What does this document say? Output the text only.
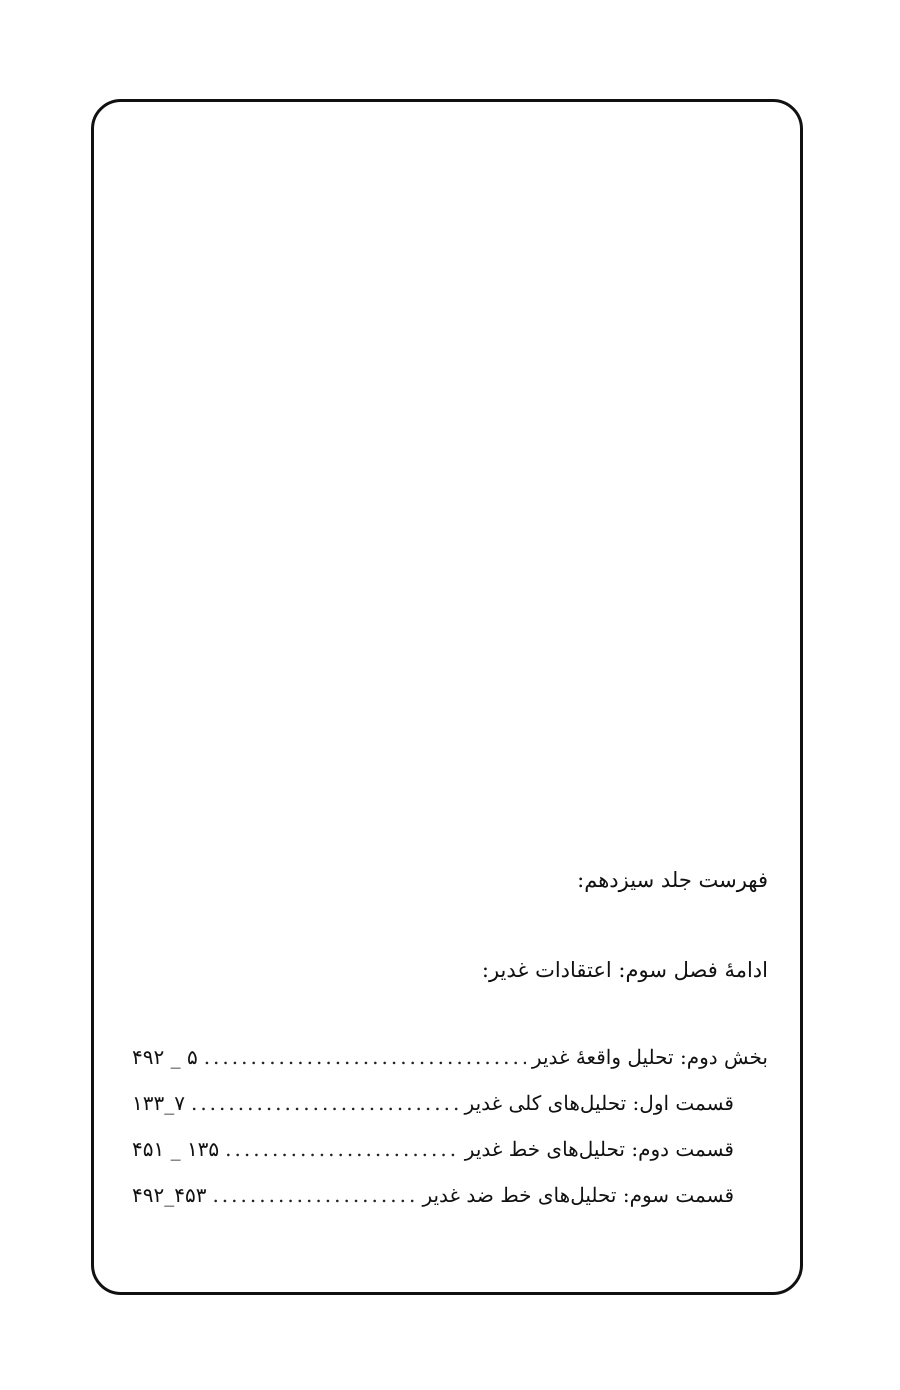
فهرست جلد سیزدهم:
ادامۀ فصل سوم: اعتقادات غدیر:
بخش دوم: تحلیل واقعۀ غدیر
.....
۴۹۲ _ ۵
قسمت اول: تحلیل‌های کلی غدیر
.....
۱۳۳_۷
قسمت دوم: تحلیل‌های خط غدیر
.....
۴۵۱ _ ۱۳۵
قسمت سوم: تحلیل‌های خط ضد غدیر
.....
۴۹۲_۴۵۳
